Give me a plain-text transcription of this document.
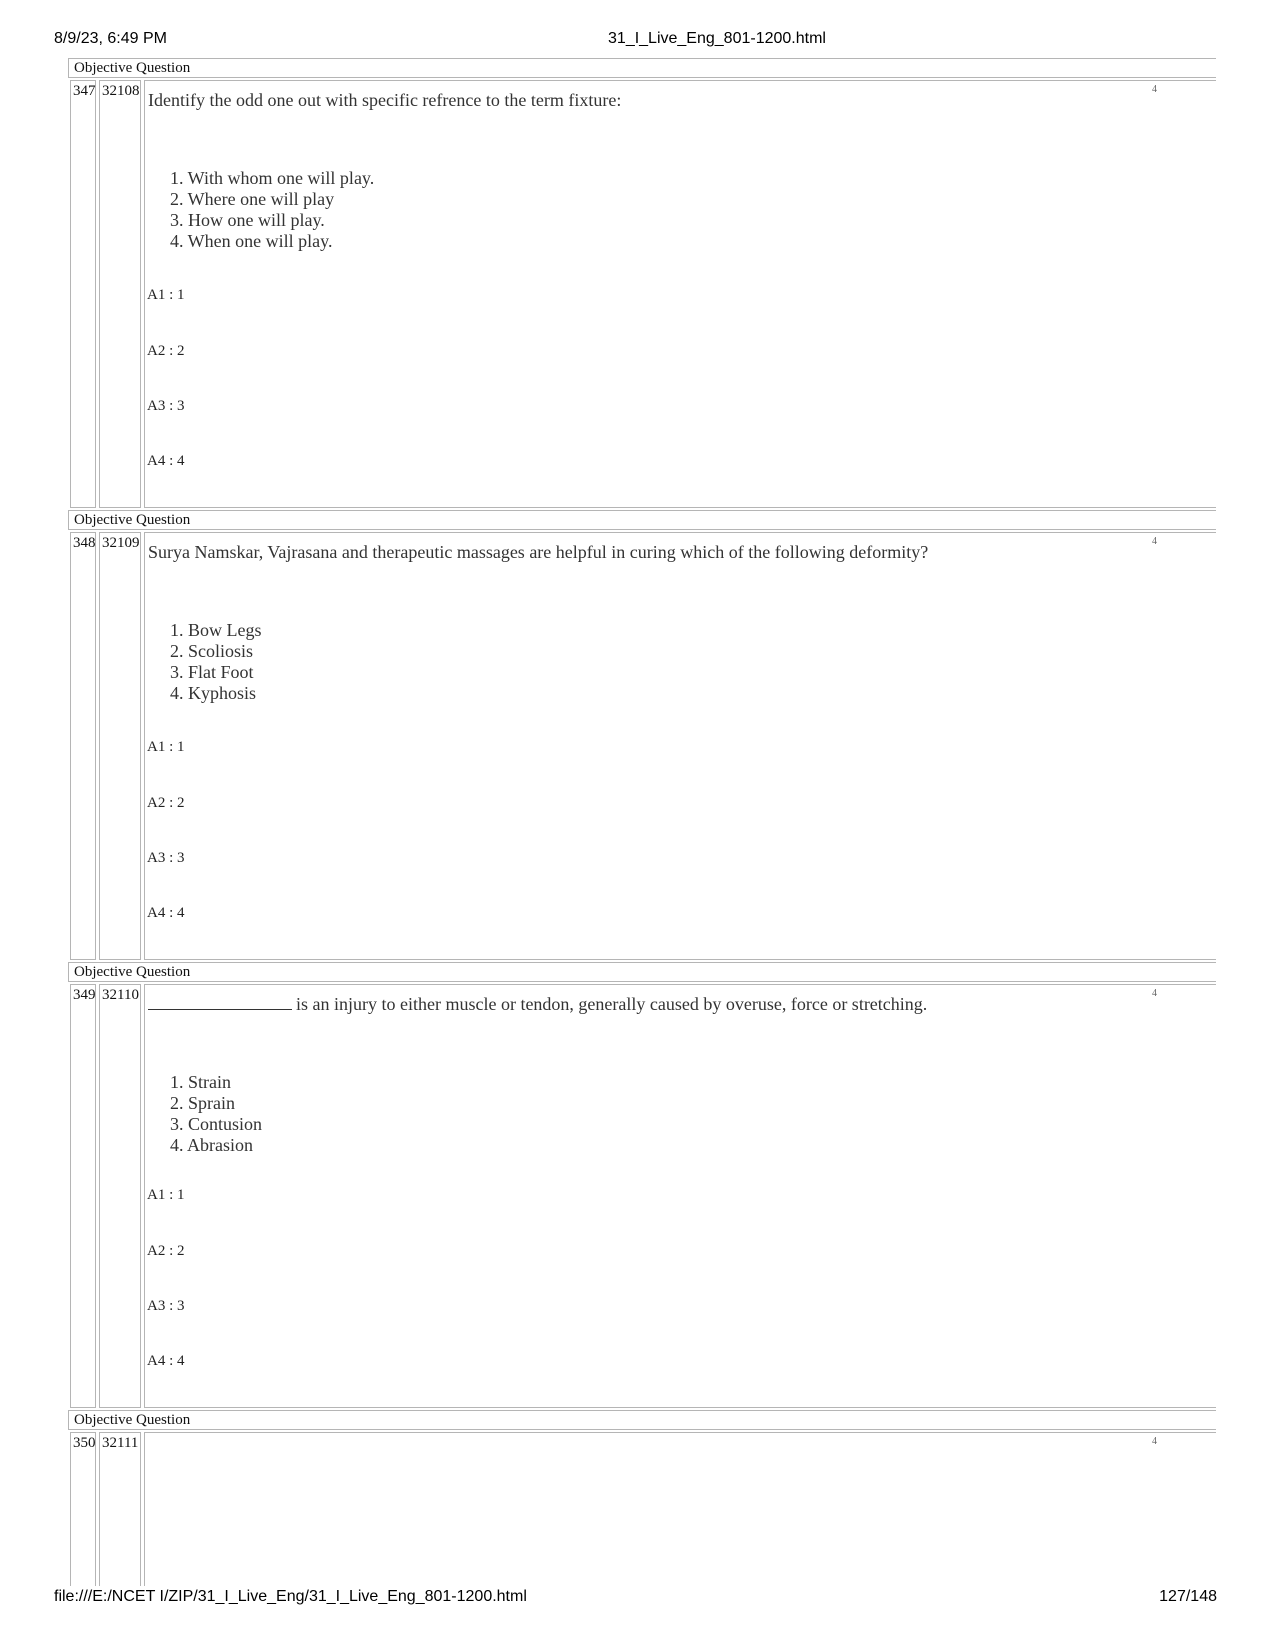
8/9/23, 6:49 PM	31_I_Live_Eng_801-1200.html
Objective Question
347 32108	4
Identify the odd one out with specific refrence to the term fixture:
1. With whom one will play.
2. Where one will play
3. How one will play.
4. When one will play.
A1 : 1
A2 : 2
A3 : 3
A4 : 4
Objective Question
348 32109	4
Surya Namskar, Vajrasana and therapeutic massages are helpful in curing which of the following deformity?
1. Bow Legs
2. Scoliosis
3. Flat Foot
4. Kyphosis
A1 : 1
A2 : 2
A3 : 3
A4 : 4
Objective Question
349 32110	4
is an injury to either muscle or tendon, generally caused by overuse, force or stretching.
1. Strain
2. Sprain
3. Contusion
4. Abrasion
A1 : 1
A2 : 2
A3 : 3
A4 : 4
Objective Question
350 32111	4
file:///E:/NCET I/ZIP/31_I_Live_Eng/31_I_Live_Eng_801-1200.html	127/148
